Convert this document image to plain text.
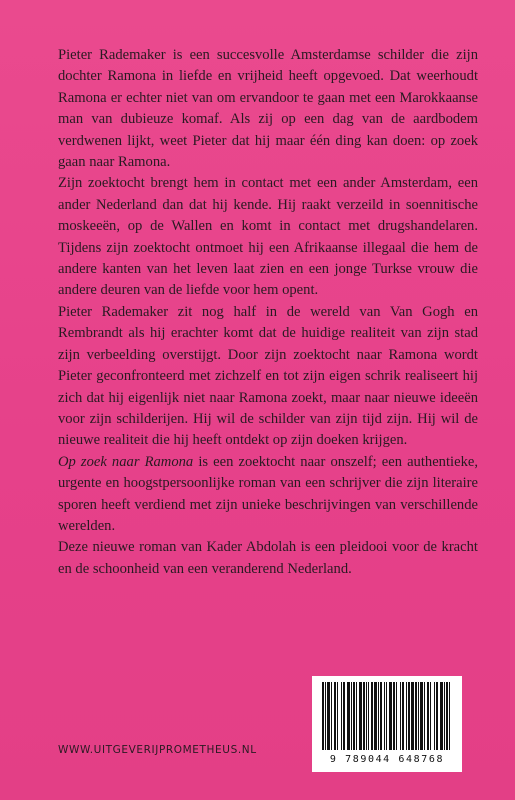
Pieter Rademaker is een succesvolle Amsterdamse schilder die zijn dochter Ramona in liefde en vrijheid heeft opgevoed. Dat weerhoudt Ramona er echter niet van om ervandoor te gaan met een Marokkaanse man van dubieuze komaf. Als zij op een dag van de aardbodem verdwenen lijkt, weet Pieter dat hij maar één ding kan doen: op zoek gaan naar Ramona.

Zijn zoektocht brengt hem in contact met een ander Amsterdam, een ander Nederland dan dat hij kende. Hij raakt verzeild in soennitische moskeeën, op de Wallen en komt in contact met drugshandelaren. Tijdens zijn zoektocht ontmoet hij een Afrikaanse illegaal die hem de andere kanten van het leven laat zien en een jonge Turkse vrouw die andere deuren van de liefde voor hem opent.

Pieter Rademaker zit nog half in de wereld van Van Gogh en Rembrandt als hij erachter komt dat de huidige realiteit van zijn stad zijn verbeelding overstijgt. Door zijn zoektocht naar Ramona wordt Pieter geconfronteerd met zichzelf en tot zijn eigen schrik realiseert hij zich dat hij eigenlijk niet naar Ramona zoekt, maar naar nieuwe ideeën voor zijn schilderijen. Hij wil de schilder van zijn tijd zijn. Hij wil de nieuwe realiteit die hij heeft ontdekt op zijn doeken krijgen.

Op zoek naar Ramona is een zoektocht naar onszelf; een authentieke, urgente en hoogstpersoonlijke roman van een schrijver die zijn literaire sporen heeft verdiend met zijn unieke beschrijvingen van verschillende werelden.

Deze nieuwe roman van Kader Abdolah is een pleidooi voor de kracht en de schoonheid van een veranderend Nederland.

9 789044 648768
WWW.UITGEVERIJPROMETHEUS.NL
